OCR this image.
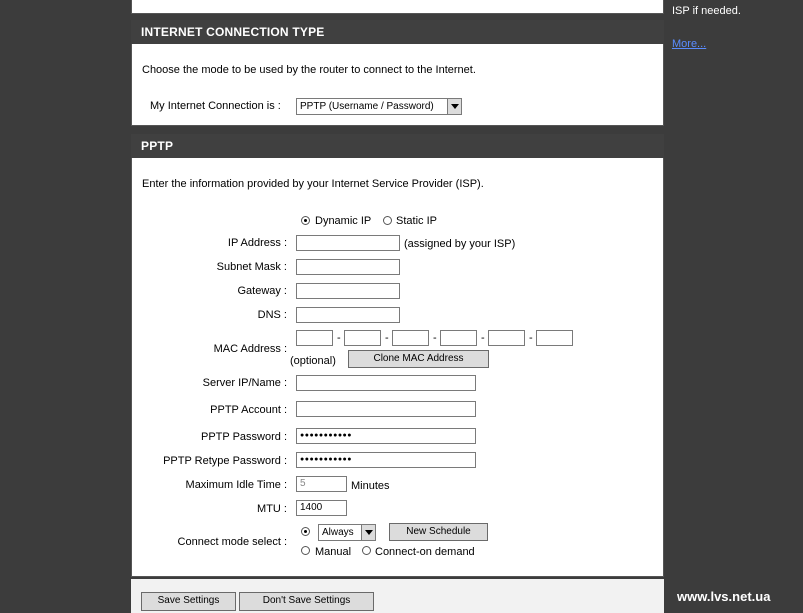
ISP if needed.
More...
INTERNET CONNECTION TYPE
Choose the mode to be used by the router to connect to the Internet.
My Internet Connection is :	PPTP (Username / Password)
PPTP
Enter the information provided by your Internet Service Provider (ISP).
Dynamic IP Static IP
IP Address :	(assigned by your ISP)
Subnet Mask :
Gateway :
DNS :
MAC Address :
-	-	-	-	-
(optional)	Clone MAC Address
Server IP/Name :
PPTP Account :
PPTP Password :	●●●●●●●●●●●
PPTP Retype Password :	●●●●●●●●●●●
Maximum Idle Time :	5	Minutes
MTU :	1400
Connect mode select :
Always	New Schedule
Manual Connect-on demand
Save Settings	Don't Save Settings	www.lvs.net.ua
